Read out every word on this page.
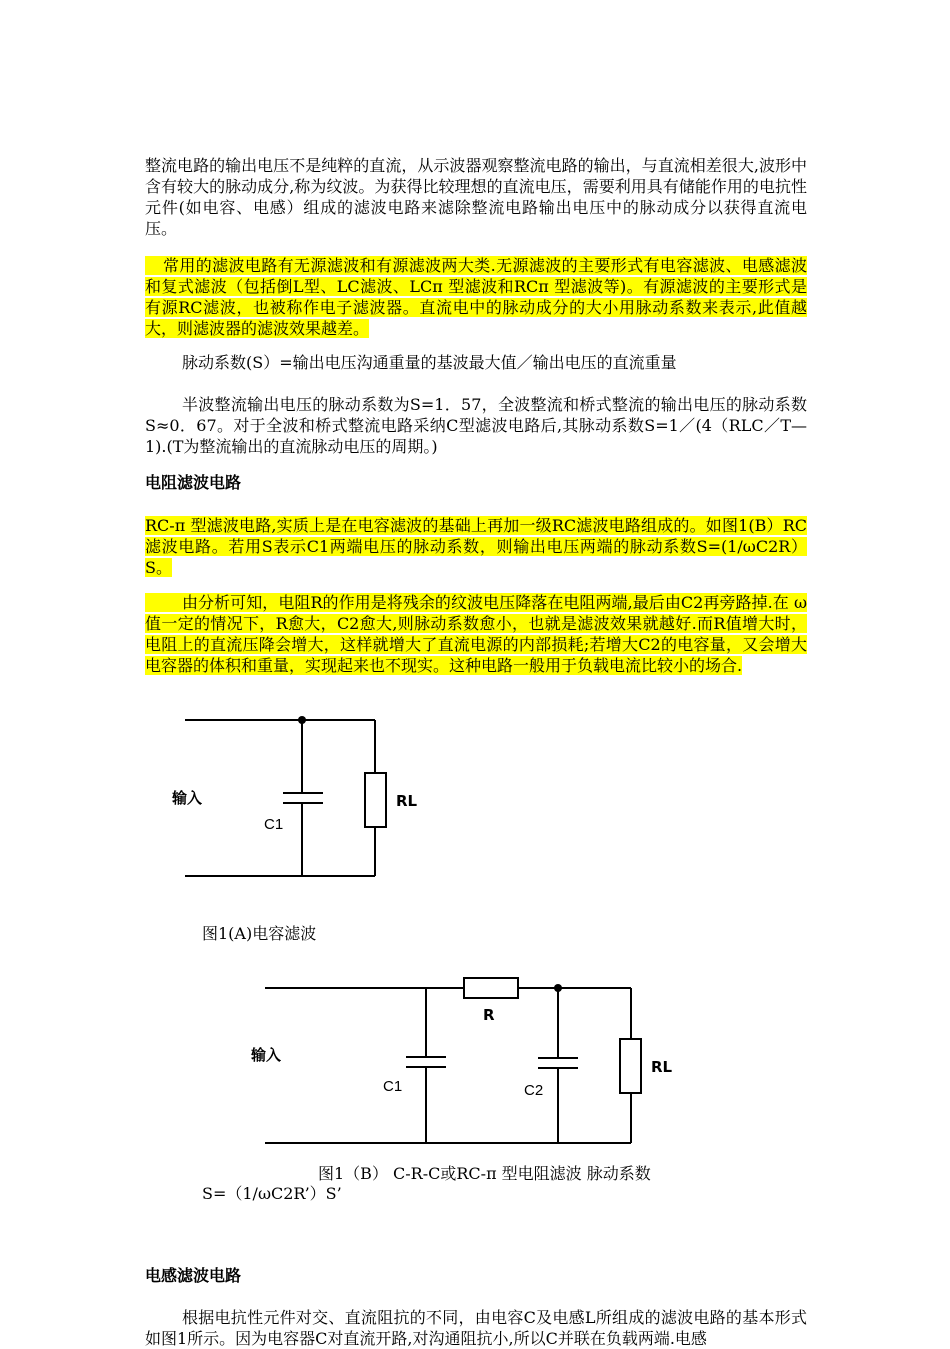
整流电路的输出电压不是纯粹的直流，从示波器观察整流电路的输出，与直流相差很大,波形中含有较大的脉动成分,称为纹波。为获得比较理想的直流电压，需要利用具有储能作用的电抗性元件(如电容、电感）组成的滤波电路来滤除整流电路输出电压中的脉动成分以获得直流电压。
常用的滤波电路有无源滤波和有源滤波两大类.无源滤波的主要形式有电容滤波、电感滤波和复式滤波（包括倒L型、LC滤波、LCπ 型滤波和RCπ 型滤波等)。有源滤波的主要形式是有源RC滤波，也被称作电子滤波器。直流电中的脉动成分的大小用脉动系数来表示,此值越大，则滤波器的滤波效果越差。
脉动系数(S）=输出电压沟通重量的基波最大值／输出电压的直流重量
半波整流输出电压的脉动系数为S=1．57，全波整流和桥式整流的输出电压的脉动系数S≈0．67。对于全波和桥式整流电路采纳C型滤波电路后,其脉动系数S=1／(4（RLC／T—1).(T为整流输出的直流脉动电压的周期。)
电阻滤波电路
RC-π 型滤波电路,实质上是在电容滤波的基础上再加一级RC滤波电路组成的。如图1(B）RC滤波电路。若用S表示C1两端电压的脉动系数，则输出电压两端的脉动系数S=(1/ωC2R）S。
由分析可知，电阻R的作用是将残余的纹波电压降落在电阻两端,最后由C2再旁路掉.在 ω 值一定的情况下，R愈大，C2愈大,则脉动系数愈小，也就是滤波效果就越好.而R值增大时，电阻上的直流压降会增大，这样就增大了直流电源的内部损耗;若增大C2的电容量，又会增大电容器的体积和重量，实现起来也不现实。这种电路一般用于负载电流比较小的场合.
输入
C1
RL
图1(A)电容滤波
输入
R
C1	C2
RL
图1（B） C-R-C或RC-π 型电阻滤波 脉动系数
S=（1/ωC2R’）S’
电感滤波电路
根据电抗性元件对交、直流阻抗的不同，由电容C及电感L所组成的滤波电路的基本形式如图1所示。因为电容器C对直流开路,对沟通阻抗小,所以C并联在负载两端.电感
